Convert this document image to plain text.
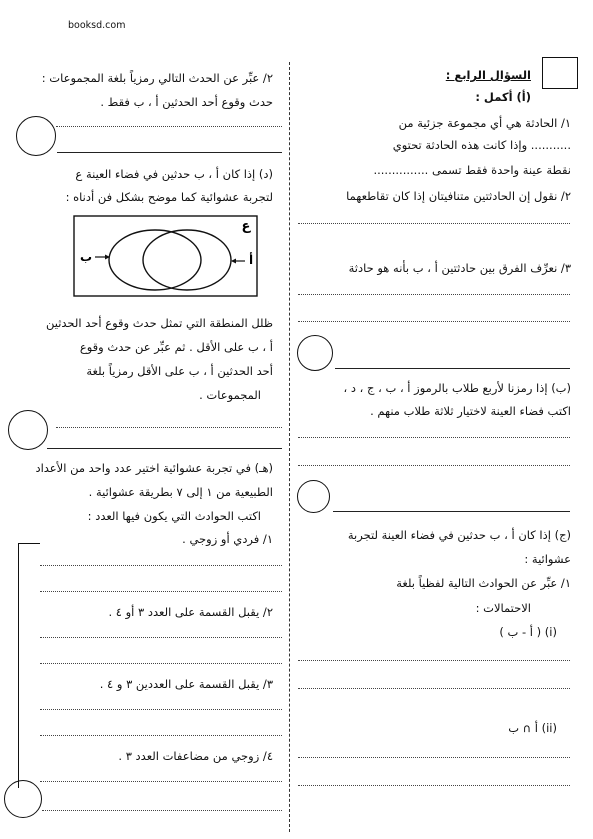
booksd.com
السؤال الرابع :
(أ) أكمل :
١/ الحادثة هي أي مجموعة جزئية من
........... وإذا كانت هذه الحادثة تحتوي
نقطة عينة واحدة فقط تسمى ...............
٢/ نقول إن الحادثتين متنافيتان إذا كان تقاطعهما
٣/ نعرِّف الفرق بين حادثتين أ ، ب بأنه هو حادثة
(ب) إذا رمزنا لأربع طلاب بالرموز أ ، ب ، ج ، د ،
اكتب فضاء العينة لاختيار ثلاثة طلاب منهم .
(ج) إذا كان أ ، ب حدثين في فضاء العينة لتجربة
عشوائية :
١/ عبِّر عن الحوادث التالية لفظياً بلغة
الاحتمالات :
(i) ( أ - ب )
(ii) أ ∩ ب
٢/ عبِّر عن الحدث التالي رمزياً بلغة المجموعات :
حدث وقوع أحد الحدثين أ ، ب فقط .
(د) إذا كان أ ، ب حدثين في فضاء العينة ع
لتجربة عشوائية كما موضح بشكل فن أدناه :
ع
أ
ب
ظلل المنطقة التي تمثل حدث وقوع أحد الحدثين
أ ، ب على الأقل . ثم عبِّر عن حدث وقوع
أحد الحدثين أ ، ب على الأقل رمزياً بلغة
المجموعات .
(هـ) في تجربة عشوائية اختير عدد واحد من الأعداد
الطبيعية من ١ إلى ٧ بطريقة عشوائية .
اكتب الحوادث التي يكون فيها العدد :
١/ فردي أو زوجي .
٢/ يقبل القسمة على العدد ٣ أو ٤ .
٣/ يقبل القسمة على العددين ٣ و ٤ .
٤/ زوجي من مضاعفات العدد ٣ .
